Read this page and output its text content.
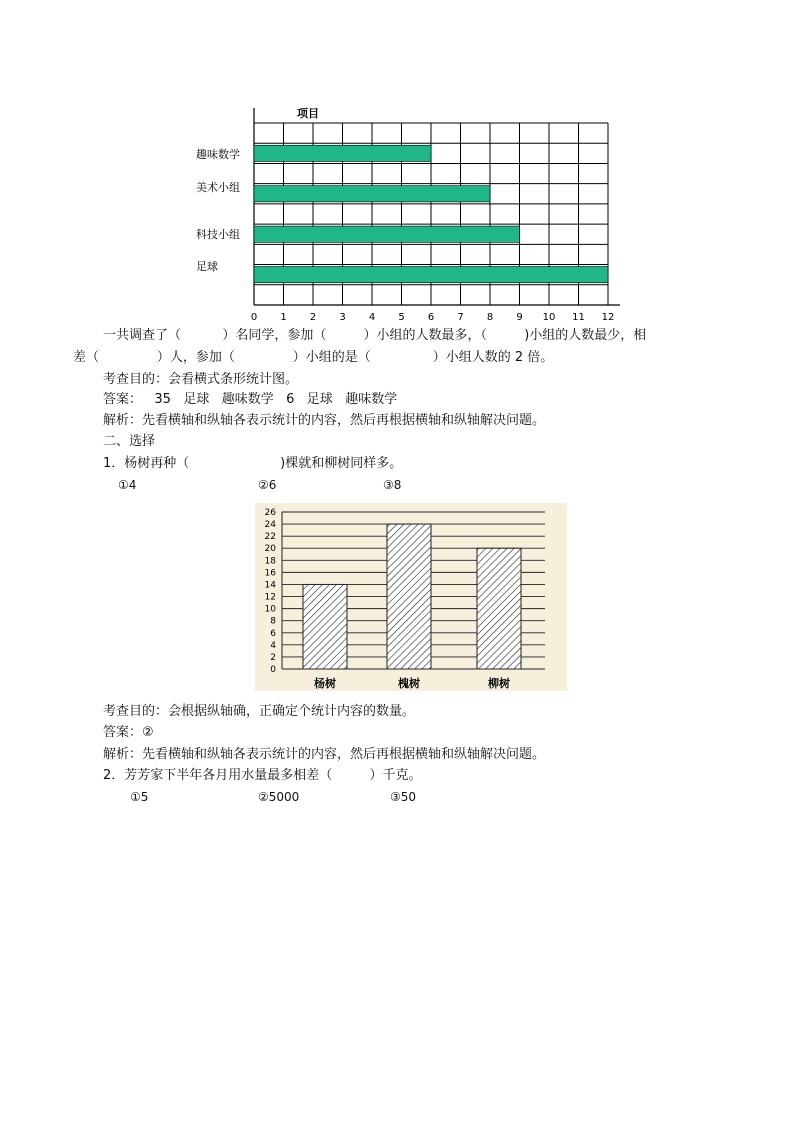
项目
趣味数学
美术小组
科技小组
足球
0 1 2 3 4 5 6 7 8 9 10 11 12
一共调查了（          ）名同学，参加（         ）小组的人数最多，（         )小组的人数最少，相
差（              ）人，参加（              ）小组的是（               ）小组人数的 2 倍。
考查目的：会看横式条形统计图。
答案：   35   足球   趣味数学   6   足球   趣味数学
解析：先看横轴和纵轴各表示统计的内容，然后再根据横轴和纵轴解决问题。
二、选择
1．杨树再种（                      )棵就和柳树同样多。
①4	②6	③8
0
2
4
6
8
10
12
14
16
18
20
22
24
26
杨树	槐树	柳树
考查目的：会根据纵轴确，正确定个统计内容的数量。
答案：②
解析：先看横轴和纵轴各表示统计的内容，然后再根据横轴和纵轴解决问题。
2．芳芳家下半年各月用水量最多相差（         ）千克。
①5	②5000	③50
